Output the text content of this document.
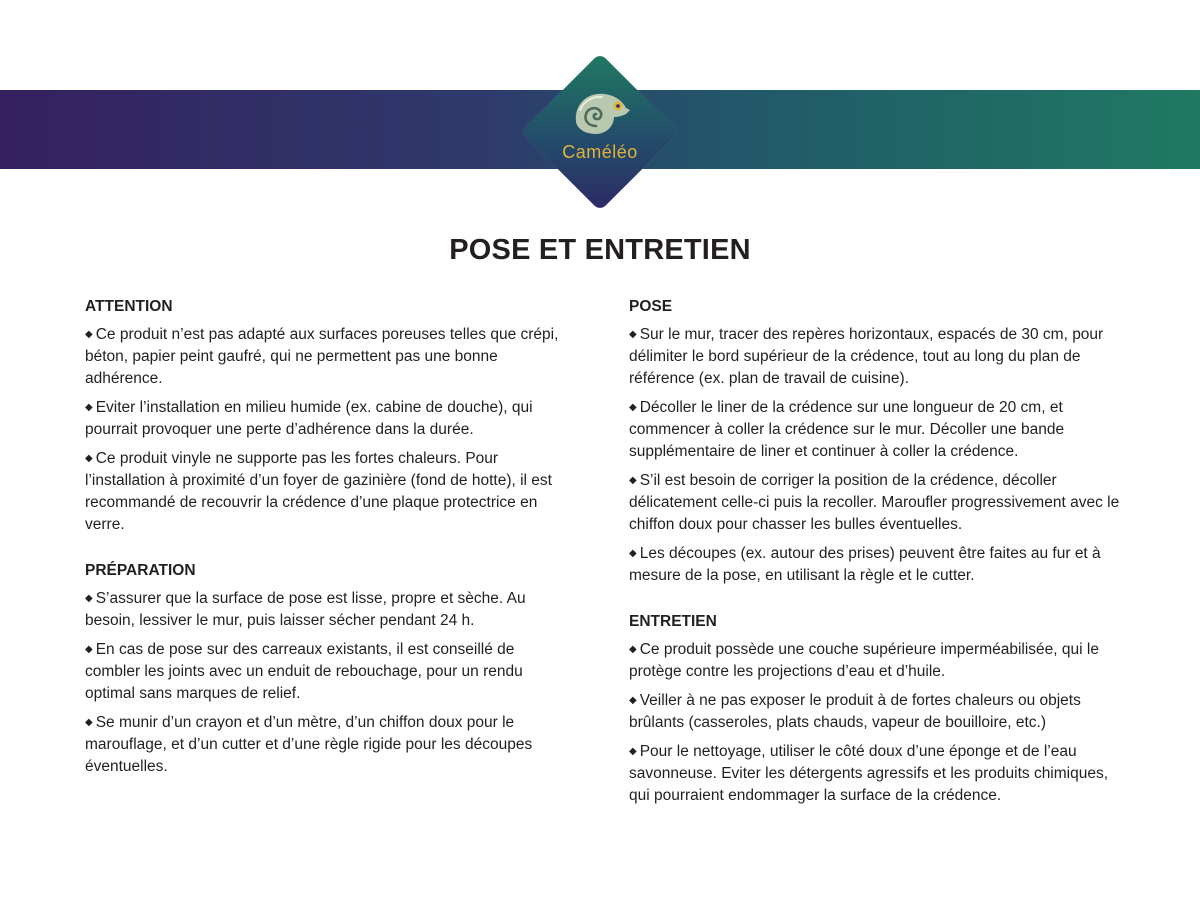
Caméléo
POSE ET ENTRETIEN
ATTENTION
◆ Ce produit n’est pas adapté aux surfaces poreuses telles que crépi, béton, papier peint gaufré, qui ne permettent pas une bonne adhérence.
◆ Eviter l’installation en milieu humide (ex. cabine de douche), qui pourrait provoquer une perte d’adhérence dans la durée.
◆ Ce produit vinyle ne supporte pas les fortes chaleurs. Pour l’installation à proximité d’un foyer de gazinière (fond de hotte), il est recommandé de recouvrir la crédence d’une plaque protectrice en verre.
PRÉPARATION
◆ S’assurer que la surface de pose est lisse, propre et sèche. Au besoin, lessiver le mur, puis laisser sécher pendant 24 h.
◆ En cas de pose sur des carreaux existants, il est conseillé de combler les joints avec un enduit de rebouchage, pour un rendu optimal sans marques de relief.
◆ Se munir d’un crayon et d’un mètre, d’un chiffon doux pour le marouflage, et d’un cutter et d’une règle rigide pour les découpes éventuelles.
POSE
◆ Sur le mur, tracer des repères horizontaux, espacés de 30 cm, pour délimiter le bord supérieur de la crédence, tout au long du plan de référence (ex. plan de travail de cuisine).
◆ Décoller le liner de la crédence sur une longueur de 20 cm, et commencer à coller la crédence sur le mur. Décoller une bande supplémentaire de liner et continuer à coller la crédence.
◆ S’il est besoin de corriger la position de la crédence, décoller délicatement celle-ci puis la recoller. Maroufler progressivement avec le chiffon doux pour chasser les bulles éventuelles.
◆ Les découpes (ex. autour des prises) peuvent être faites au fur et à mesure de la pose, en utilisant la règle et le cutter.
ENTRETIEN
◆ Ce produit possède une couche supérieure imperméabilisée, qui le protège contre les projections d’eau et d’huile.
◆ Veiller à ne pas exposer le produit à de fortes chaleurs ou objets brûlants (casseroles, plats chauds, vapeur de bouilloire, etc.)
◆ Pour le nettoyage, utiliser le côté doux d’une éponge et de l’eau savonneuse. Eviter les détergents agressifs et les produits chimiques, qui pourraient endommager la surface de la crédence.
